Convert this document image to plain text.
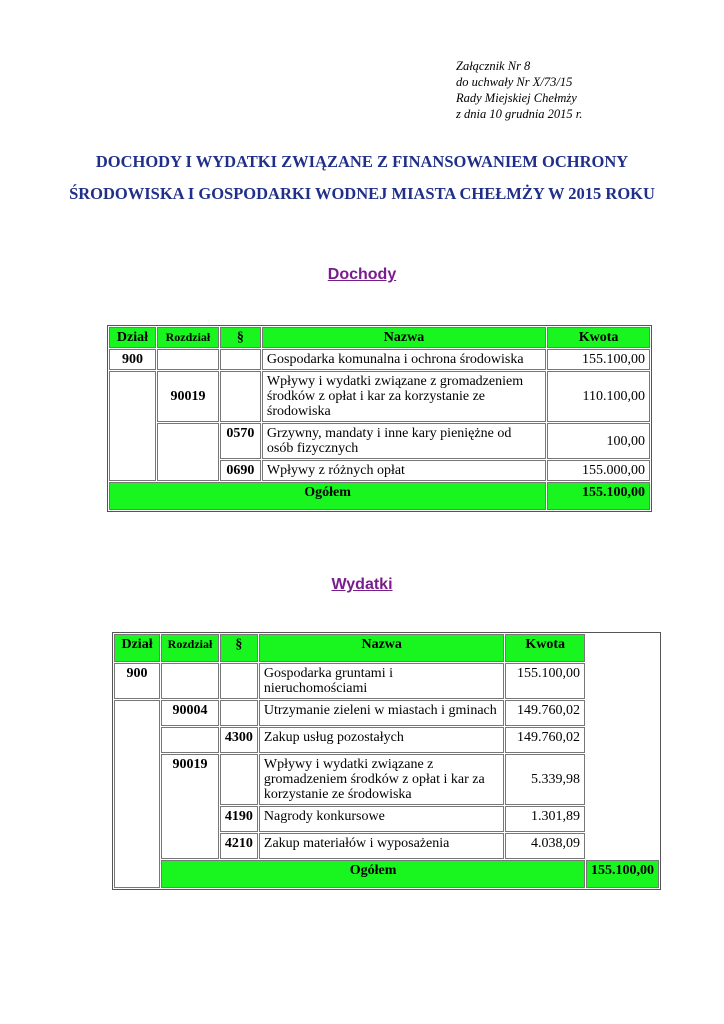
Załącznik Nr 8
do uchwały Nr X/73/15
Rady Miejskiej Chełmży
z dnia 10 grudnia 2015 r.
DOCHODY I WYDATKI ZWIĄZANE Z FINANSOWANIEM OCHRONY
ŚRODOWISKA I GOSPODARKI WODNEJ MIASTA CHEŁMŻY W 2015 ROKU
Dochody
Dział	Rozdział	§	Nazwa	Kwota
900			Gospodarka komunalna i ochrona środowiska	155.100,00
	90019		Wpływy i wydatki związane z gromadzeniem środków z opłat i kar za korzystanie ze środowiska	110.100,00
		0570	Grzywny, mandaty i inne kary pieniężne od osób fizycznych	100,00
		0690	Wpływy z różnych opłat	155.000,00
Ogółem				155.100,00
Wydatki
Dział	Rozdział	§	Nazwa	Kwota	
900			Gospodarka gruntami i nieruchomościami	155.100,00	
	90004		Utrzymanie zieleni w miastach i gminach	149.760,02	
		4300	Zakup usług pozostałych	149.760,02	
	90019		Wpływy i wydatki związane z gromadzeniem środków z opłat i kar za korzystanie ze środowiska	5.339,98	
		4190	Nagrody konkursowe	1.301,89	
		4210	Zakup materiałów i wyposażenia	4.038,09	
	Ogółem				155.100,00
